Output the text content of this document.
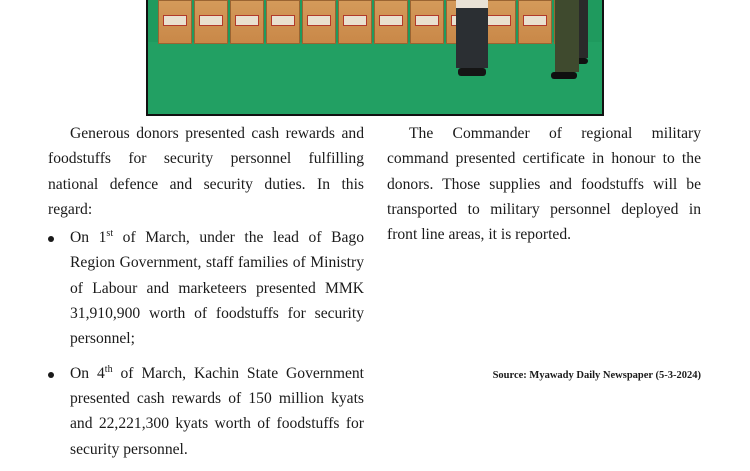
Generous donors presented cash rewards and foodstuffs for security personnel fulfilling national defence and security duties. In this regard:

On 1st of March, under the lead of Bago Region Government, staff families of Ministry of Labour and marketeers presented MMK 31,910,900 worth of foodstuffs for security personnel;
On 4th of March, Kachin State Government presented cash rewards of 150 million kyats and 22,221,300 kyats worth of foodstuffs for security personnel.

The Commander of regional military command presented certificate in honour to the donors. Those supplies and foodstuffs will be transported to military personnel deployed in front line areas, it is reported.

Source: Myawady Daily Newspaper (5-3-2024)
